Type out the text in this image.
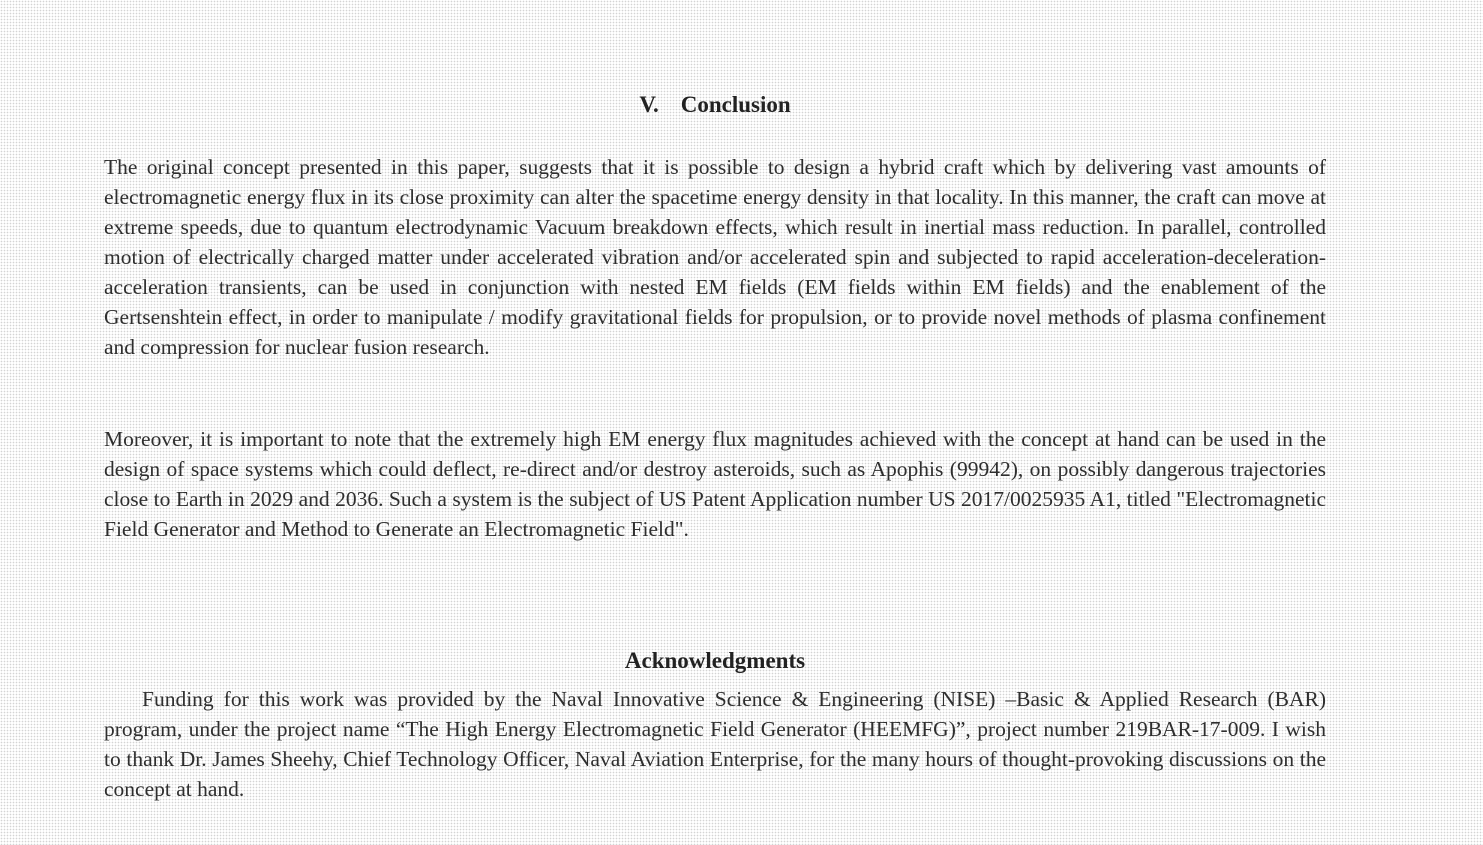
V. Conclusion

The original concept presented in this paper, suggests that it is possible to design a hybrid craft which by delivering vast amounts of electromagnetic energy flux in its close proximity can alter the spacetime energy density in that locality. In this manner, the craft can move at extreme speeds, due to quantum electrodynamic Vacuum breakdown effects, which result in inertial mass reduction. In parallel, controlled motion of electrically charged matter under accelerated vibration and/or accelerated spin and subjected to rapid acceleration-deceleration-acceleration transients, can be used in conjunction with nested EM fields (EM fields within EM fields) and the enablement of the Gertsenshtein effect, in order to manipulate / modify gravitational fields for propulsion, or to provide novel methods of plasma confinement and compression for nuclear fusion research.

Moreover, it is important to note that the extremely high EM energy flux magnitudes achieved with the concept at hand can be used in the design of space systems which could deflect, re-direct and/or destroy asteroids, such as Apophis (99942), on possibly dangerous trajectories close to Earth in 2029 and 2036. Such a system is the subject of US Patent Application number US 2017/0025935 A1, titled "Electromagnetic Field Generator and Method to Generate an Electromagnetic Field".

Acknowledgments

Funding for this work was provided by the Naval Innovative Science & Engineering (NISE) –Basic & Applied Research (BAR) program, under the project name “The High Energy Electromagnetic Field Generator (HEEMFG)”, project number 219BAR-17-009. I wish to thank Dr. James Sheehy, Chief Technology Officer, Naval Aviation Enterprise, for the many hours of thought-provoking discussions on the concept at hand.
